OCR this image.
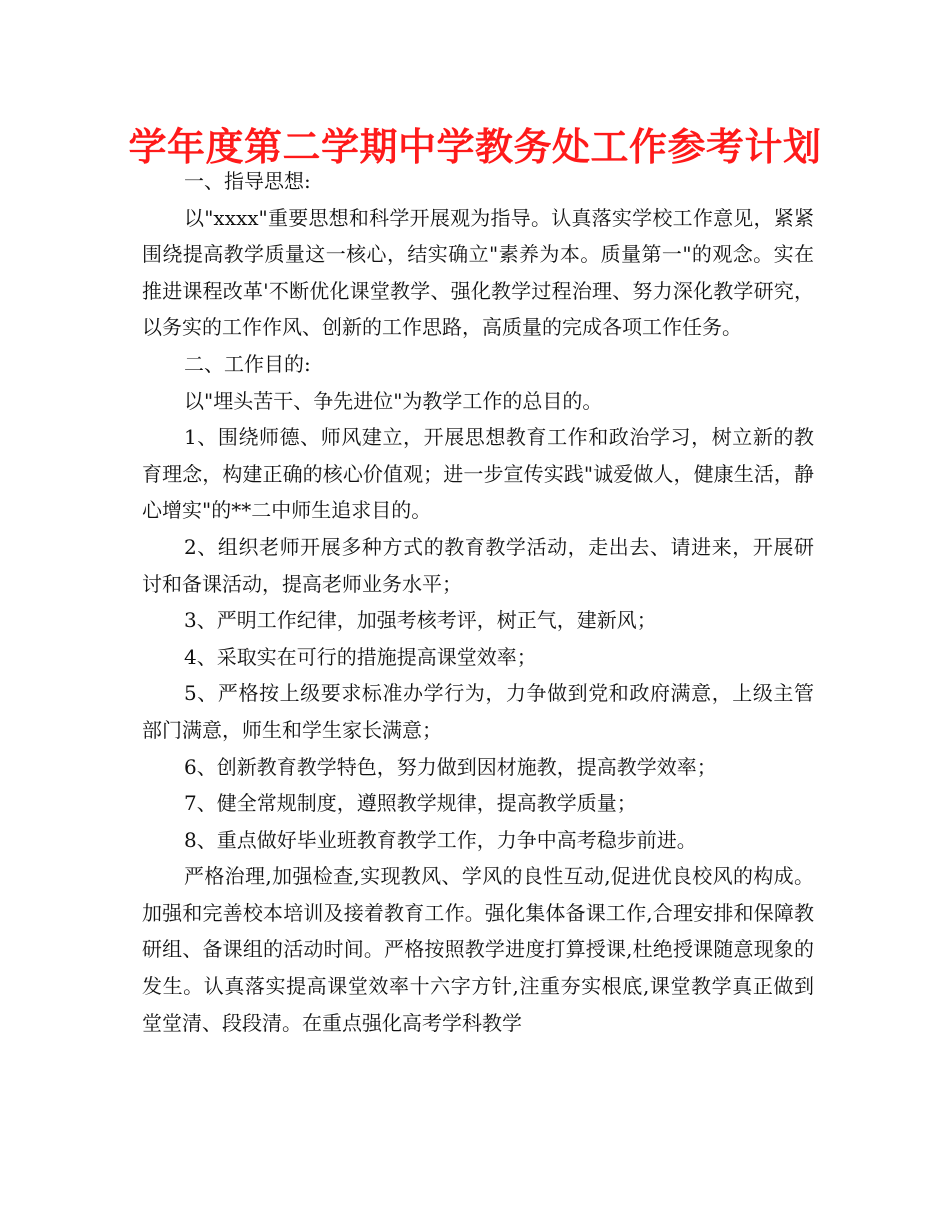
学年度第二学期中学教务处工作参考计划

一、指导思想:

以"xxxx"重要思想和科学开展观为指导。认真落实学校工作意见，紧紧围绕提高教学质量这一核心，结实确立"素养为本。质量第一"的观念。实在推进课程改革'不断优化课堂教学、强化教学过程治理、努力深化教学研究，以务实的工作作风、创新的工作思路，高质量的完成各项工作任务。

二、工作目的:

以"埋头苦干、争先进位"为教学工作的总目的。

1、围绕师德、师风建立，开展思想教育工作和政治学习，树立新的教育理念，构建正确的核心价值观；进一步宣传实践"诚爱做人，健康生活，静心增实"的**二中师生追求目的。

2、组织老师开展多种方式的教育教学活动，走出去、请进来，开展研讨和备课活动，提高老师业务水平；

3、严明工作纪律，加强考核考评，树正气，建新风；

4、采取实在可行的措施提高课堂效率；

5、严格按上级要求标准办学行为，力争做到党和政府满意，上级主管部门满意，师生和学生家长满意；

6、创新教育教学特色，努力做到因材施教，提高教学效率；

7、健全常规制度，遵照教学规律，提高教学质量；

8、重点做好毕业班教育教学工作，力争中高考稳步前进。

严格治理,加强检查,实现教风、学风的良性互动,促进优良校风的构成。加强和完善校本培训及接着教育工作。强化集体备课工作,合理安排和保障教研组、备课组的活动时间。严格按照教学进度打算授课,杜绝授课随意现象的发生。认真落实提高课堂效率十六字方针,注重夯实根底,课堂教学真正做到堂堂清、段段清。在重点强化高考学科教学
